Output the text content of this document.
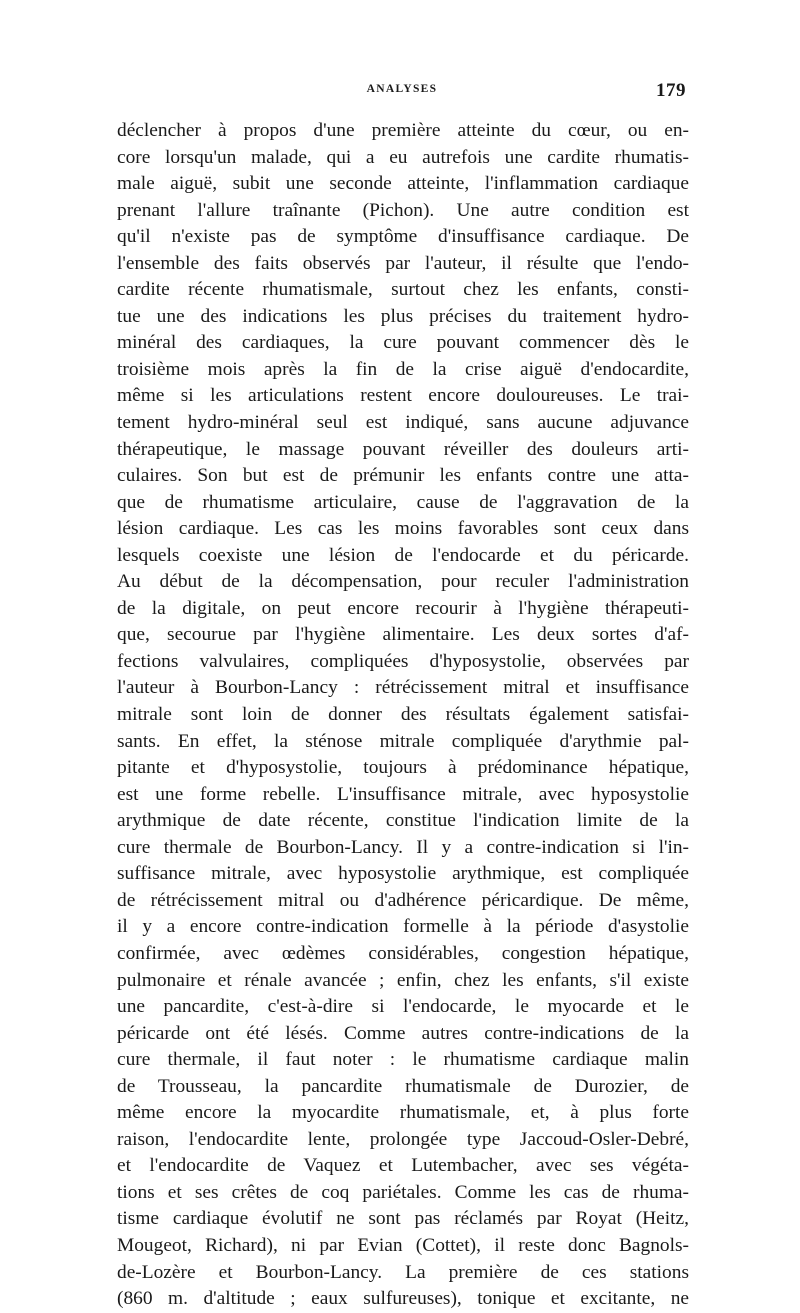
ANALYSES	179
déclencher à propos d'une première atteinte du cœur, ou en-
core lorsqu'un malade, qui a eu autrefois une cardite rhumatis-
male aiguë, subit une seconde atteinte, l'inflammation cardiaque
prenant l'allure traînante (Pichon). Une autre condition est
qu'il n'existe pas de symptôme d'insuffisance cardiaque. De
l'ensemble des faits observés par l'auteur, il résulte que l'endo-
cardite récente rhumatismale, surtout chez les enfants, consti-
tue une des indications les plus précises du traitement hydro-
minéral des cardiaques, la cure pouvant commencer dès le
troisième mois après la fin de la crise aiguë d'endocardite,
même si les articulations restent encore douloureuses. Le trai-
tement hydro-minéral seul est indiqué, sans aucune adjuvance
thérapeutique, le massage pouvant réveiller des douleurs arti-
culaires. Son but est de prémunir les enfants contre une atta-
que de rhumatisme articulaire, cause de l'aggravation de la
lésion cardiaque. Les cas les moins favorables sont ceux dans
lesquels coexiste une lésion de l'endocarde et du péricarde.
Au début de la décompensation, pour reculer l'administration
de la digitale, on peut encore recourir à l'hygiène thérapeuti-
que, secourue par l'hygiène alimentaire. Les deux sortes d'af-
fections valvulaires, compliquées d'hyposystolie, observées par
l'auteur à Bourbon-Lancy : rétrécissement mitral et insuffisance
mitrale sont loin de donner des résultats également satisfai-
sants. En effet, la sténose mitrale compliquée d'arythmie pal-
pitante et d'hyposystolie, toujours à prédominance hépatique,
est une forme rebelle. L'insuffisance mitrale, avec hyposystolie
arythmique de date récente, constitue l'indication limite de la
cure thermale de Bourbon-Lancy. Il y a contre-indication si l'in-
suffisance mitrale, avec hyposystolie arythmique, est compliquée
de rétrécissement mitral ou d'adhérence péricardique. De même,
il y a encore contre-indication formelle à la période d'asystolie
confirmée, avec œdèmes considérables, congestion hépatique,
pulmonaire et rénale avancée ; enfin, chez les enfants, s'il existe
une pancardite, c'est-à-dire si l'endocarde, le myocarde et le
péricarde ont été lésés. Comme autres contre-indications de la
cure thermale, il faut noter : le rhumatisme cardiaque malin
de Trousseau, la pancardite rhumatismale de Durozier, de
même encore la myocardite rhumatismale, et, à plus forte
raison, l'endocardite lente, prolongée type Jaccoud-Osler-Debré,
et l'endocardite de Vaquez et Lutembacher, avec ses végéta-
tions et ses crêtes de coq pariétales. Comme les cas de rhuma-
tisme cardiaque évolutif ne sont pas réclamés par Royat (Heitz,
Mougeot, Richard), ni par Evian (Cottet), il reste donc Bagnols-
de-Lozère et Bourbon-Lancy. La première de ces stations
(860 m. d'altitude ; eaux sulfureuses), tonique et excitante, ne
